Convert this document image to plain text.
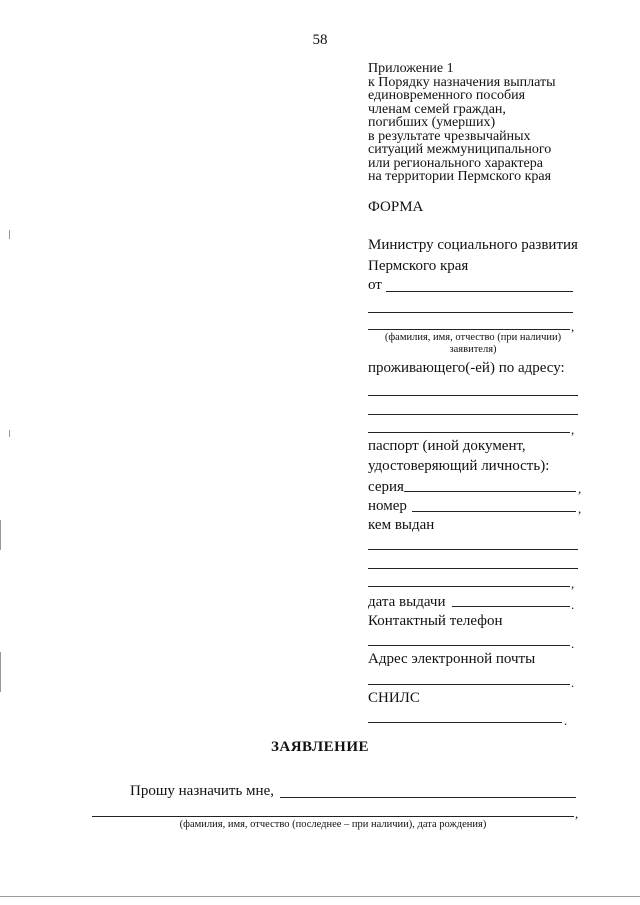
58
Приложение 1
к Порядку назначения выплаты
единовременного пособия
членам семей граждан,
погибших (умерших)
в результате чрезвычайных
ситуаций межмуниципального
или регионального характера
на территории Пермского края
ФОРМА
Министру социального развития
Пермского края
от
,
(фамилия, имя, отчество (при наличии)
заявителя)
проживающего(-ей) по адресу:
,
паспорт (иной документ,
удостоверяющий личность):
серия	,
номер	,
кем выдан
,
дата выдачи	.
Контактный телефон
.
Адрес электронной почты
.
СНИЛС
.
ЗАЯВЛЕНИЕ
Прошу назначить мне,
,
(фамилия, имя, отчество (последнее – при наличии), дата рождения)
